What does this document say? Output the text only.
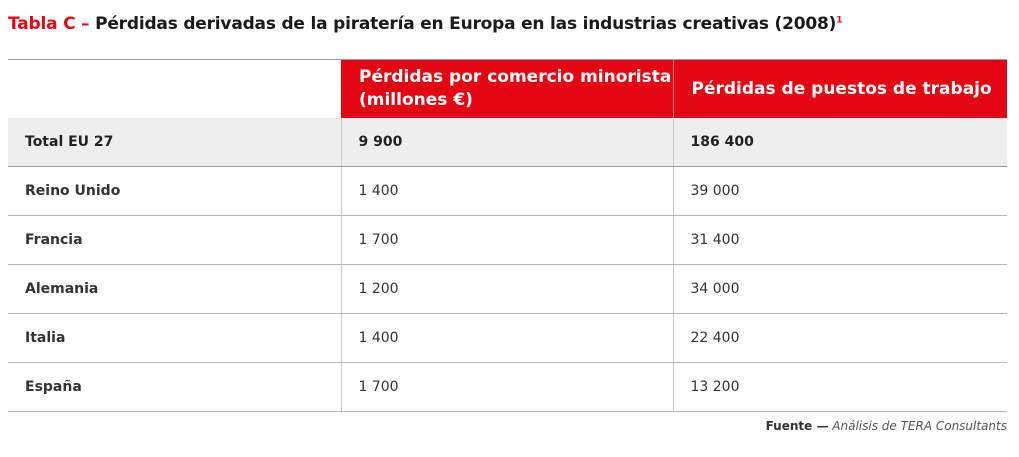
Tabla C – Pérdidas derivadas de la piratería en Europa en las industrias creativas $(2008)^1$

	Pérdidas por comercio minorista (millones €)	Pérdidas de puestos de trabajo
Total EU 27	9 900	186 400
Reino Unido	1 400	39 000
Francia	1 700	31 400
Alemania	1 200	34 000
Italia	1 400	22 400
España	1 700	13 200
Fuente — Análisis de TERA Consultants
